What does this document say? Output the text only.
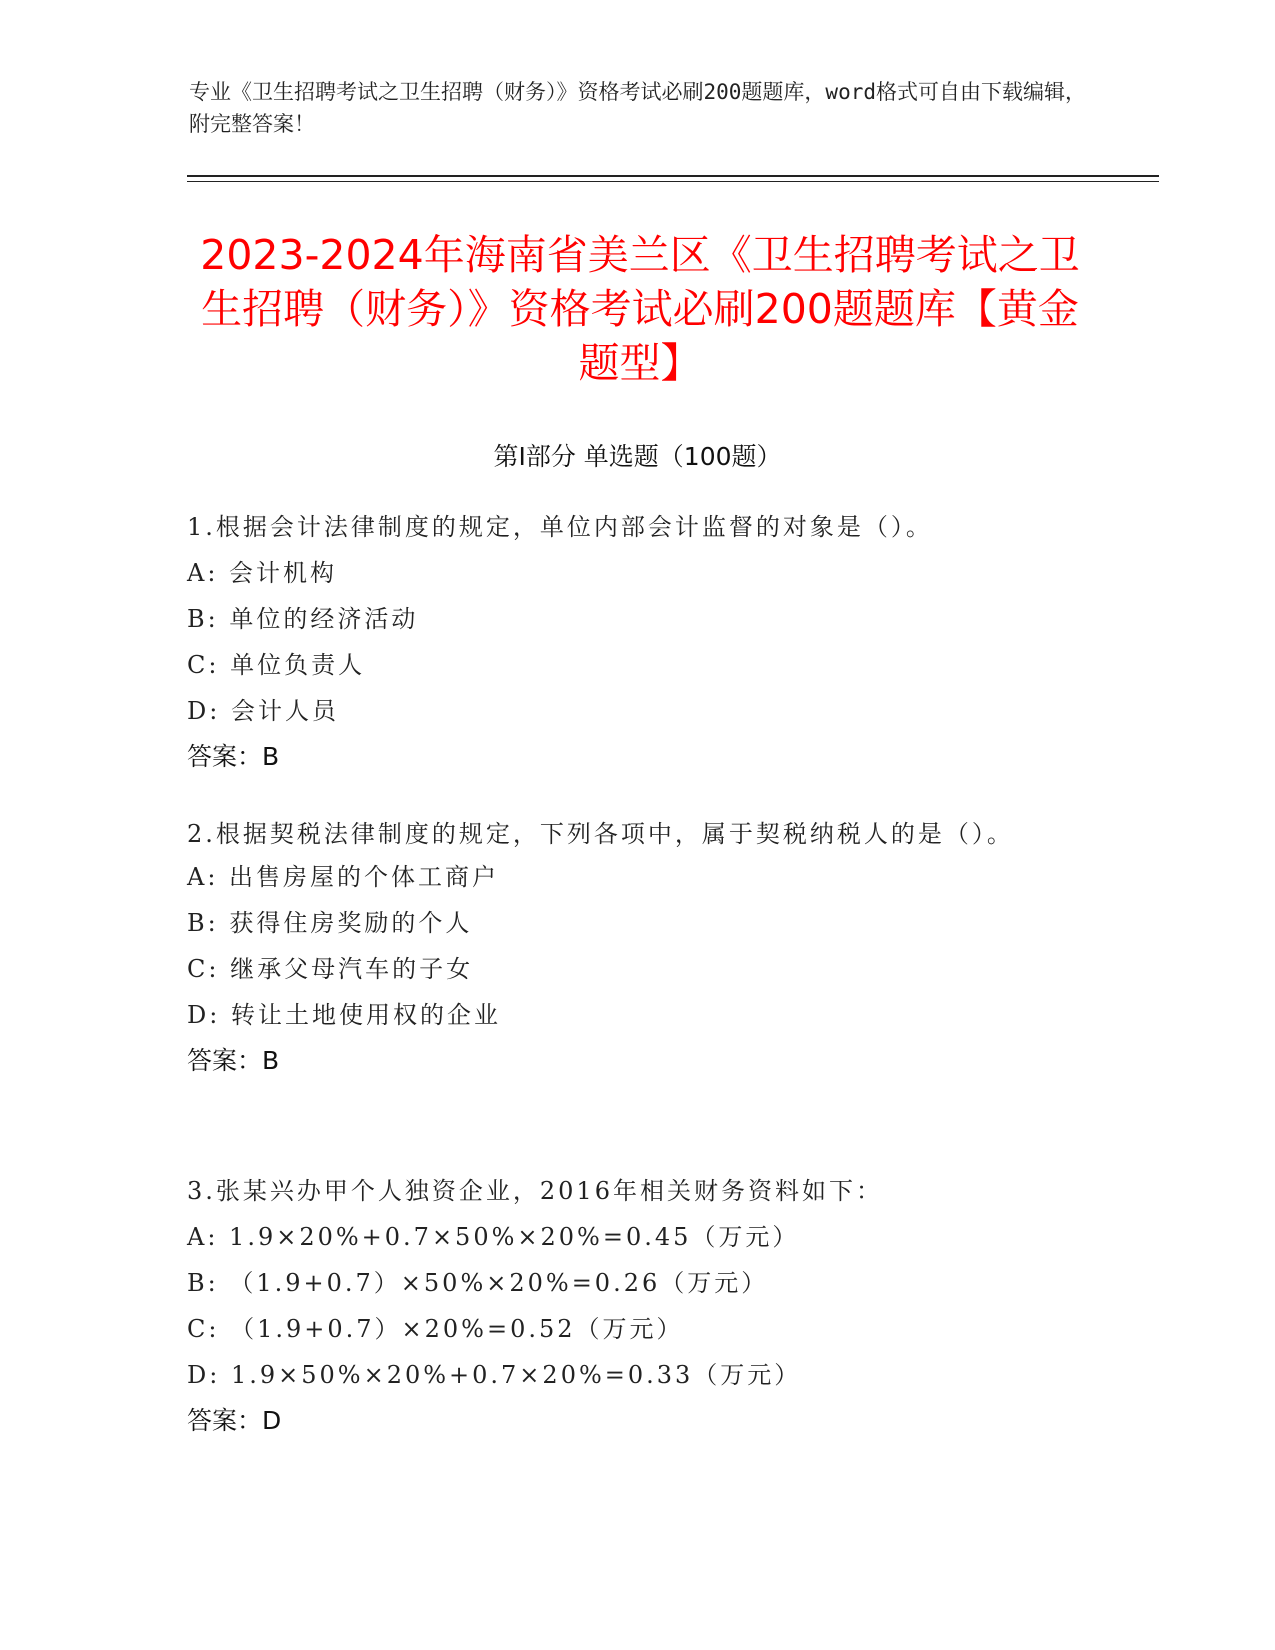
专业《卫生招聘考试之卫生招聘（财务）》资格考试必刷200题题库，word格式可自由下载编辑，附完整答案！
2023-2024年海南省美兰区《卫生招聘考试之卫生招聘（财务）》资格考试必刷200题题库【黄金题型】
第I部分 单选题（100题）

1.根据会计法律制度的规定，单位内部会计监督的对象是（）。

A: 会计机构

B: 单位的经济活动

C: 单位负责人

D: 会计人员

答案：B

2.根据契税法律制度的规定，下列各项中，属于契税纳税人的是（）。

A: 出售房屋的个体工商户

B: 获得住房奖励的个人

C: 继承父母汽车的子女

D: 转让土地使用权的企业

答案：B

3.张某兴办甲个人独资企业，2016年相关财务资料如下：

A: 1.9×20%+0.7×50%×20%=0.45（万元）

B: （1.9+0.7）×50%×20%=0.26（万元）

C: （1.9+0.7）×20%=0.52（万元）

D: 1.9×50%×20%+0.7×20%=0.33（万元）

答案：D
